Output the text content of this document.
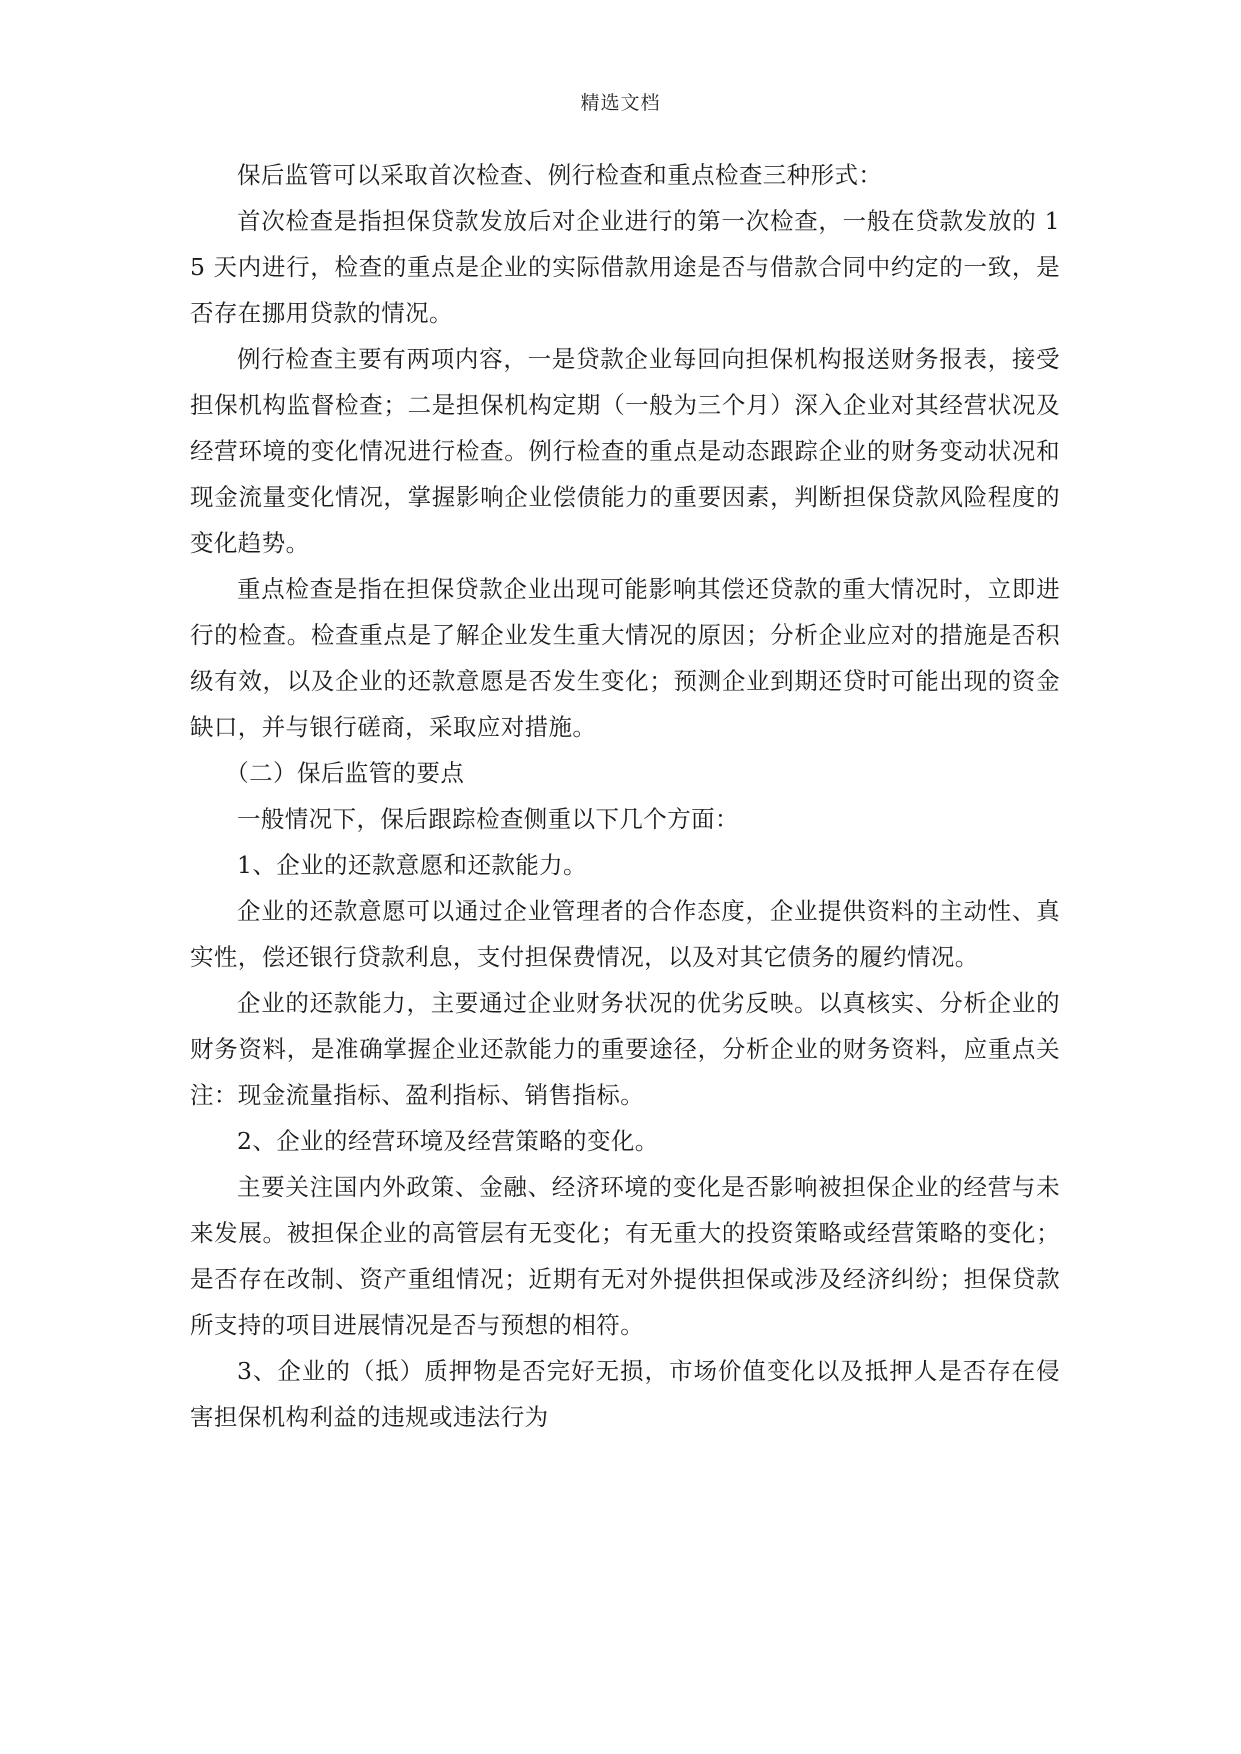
精选文档

保后监管可以采取首次检查、例行检查和重点检查三种形式：

首次检查是指担保贷款发放后对企业进行的第一次检查，一般在贷款发放的 15 天内进行，检查的重点是企业的实际借款用途是否与借款合同中约定的一致，是否存在挪用贷款的情况。

例行检查主要有两项内容，一是贷款企业每回向担保机构报送财务报表，接受担保机构监督检查；二是担保机构定期（一般为三个月）深入企业对其经营状况及经营环境的变化情况进行检查。例行检查的重点是动态跟踪企业的财务变动状况和现金流量变化情况，掌握影响企业偿债能力的重要因素，判断担保贷款风险程度的变化趋势。

重点检查是指在担保贷款企业出现可能影响其偿还贷款的重大情况时，立即进行的检查。检查重点是了解企业发生重大情况的原因；分析企业应对的措施是否积级有效，以及企业的还款意愿是否发生变化；预测企业到期还贷时可能出现的资金缺口，并与银行磋商，采取应对措施。

（二）保后监管的要点

一般情况下，保后跟踪检查侧重以下几个方面：

1、企业的还款意愿和还款能力。

企业的还款意愿可以通过企业管理者的合作态度，企业提供资料的主动性、真实性，偿还银行贷款利息，支付担保费情况，以及对其它债务的履约情况。

企业的还款能力，主要通过企业财务状况的优劣反映。以真核实、分析企业的财务资料，是准确掌握企业还款能力的重要途径，分析企业的财务资料，应重点关注：现金流量指标、盈利指标、销售指标。

2、企业的经营环境及经营策略的变化。

主要关注国内外政策、金融、经济环境的变化是否影响被担保企业的经营与未来发展。被担保企业的高管层有无变化；有无重大的投资策略或经营策略的变化；是否存在改制、资产重组情况；近期有无对外提供担保或涉及经济纠纷；担保贷款所支持的项目进展情况是否与预想的相符。

3、企业的（抵）质押物是否完好无损，市场价值变化以及抵押人是否存在侵害担保机构利益的违规或违法行为
